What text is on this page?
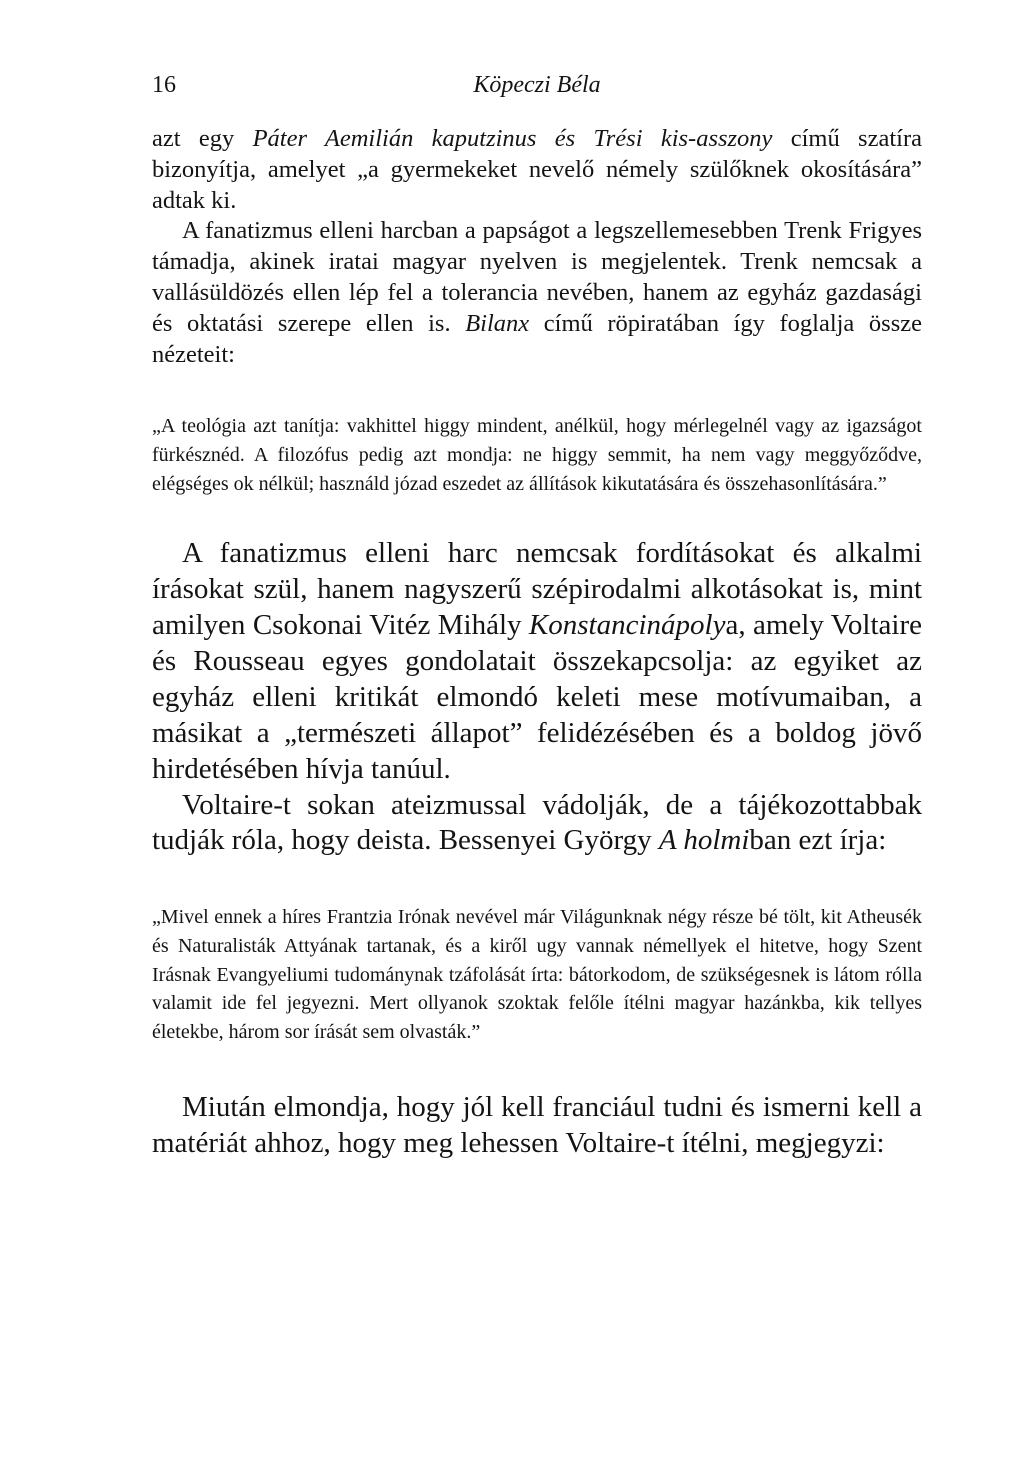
16	Köpeczi Béla

azt egy Páter Aemilián kaputzinus és Trési kis-asszony című szatíra bizonyítja, amelyet „a gyermekeket nevelő némely szülőknek okosítására” adtak ki.

A fanatizmus elleni harcban a papságot a legszellemesebben Trenk Frigyes támadja, akinek iratai magyar nyelven is megjelentek. Trenk nemcsak a vallásüldözés ellen lép fel a tolerancia nevében, hanem az egyház gazdasági és oktatási szerepe ellen is. Bilanx című röpiratában így foglalja össze nézeteit:

„A teológia azt tanítja: vakhittel higgy mindent, anélkül, hogy mérlegelnél vagy az igazságot fürkésznéd. A filozófus pedig azt mondja: ne higgy semmit, ha nem vagy meggyőződve, elégséges ok nélkül; használd józad eszedet az állítások kikutatására és összehasonlítására.”

A fanatizmus elleni harc nemcsak fordításokat és alkalmi írásokat szül, hanem nagyszerű szépirodalmi alkotásokat is, mint amilyen Csokonai Vitéz Mihály Konstancinápolya, amely Voltaire és Rousseau egyes gondolatait összekapcsolja: az egyiket az egyház elleni kritikát elmondó keleti mese motívumaiban, a másikat a „természeti állapot” felidézésében és a boldog jövő hirdetésében hívja tanúul.

Voltaire-t sokan ateizmussal vádolják, de a tájékozottabbak tudják róla, hogy deista. Bessenyei György A holmiban ezt írja:

„Mivel ennek a híres Frantzia Irónak nevével már Világunknak négy része bé tölt, kit Atheusék és Naturalisták Attyának tartanak, és a kiről ugy vannak némellyek el hitetve, hogy Szent Irásnak Evangyeliumi tudománynak tzáfolását írta: bátorkodom, de szükségesnek is látom rólla valamit ide fel jegyezni. Mert ollyanok szoktak felőle ítélni magyar hazánkba, kik tellyes életekbe, három sor írását sem olvasták.”

Miután elmondja, hogy jól kell franciául tudni és ismerni kell a matériát ahhoz, hogy meg lehessen Voltaire-t ítélni, megjegyzi:
